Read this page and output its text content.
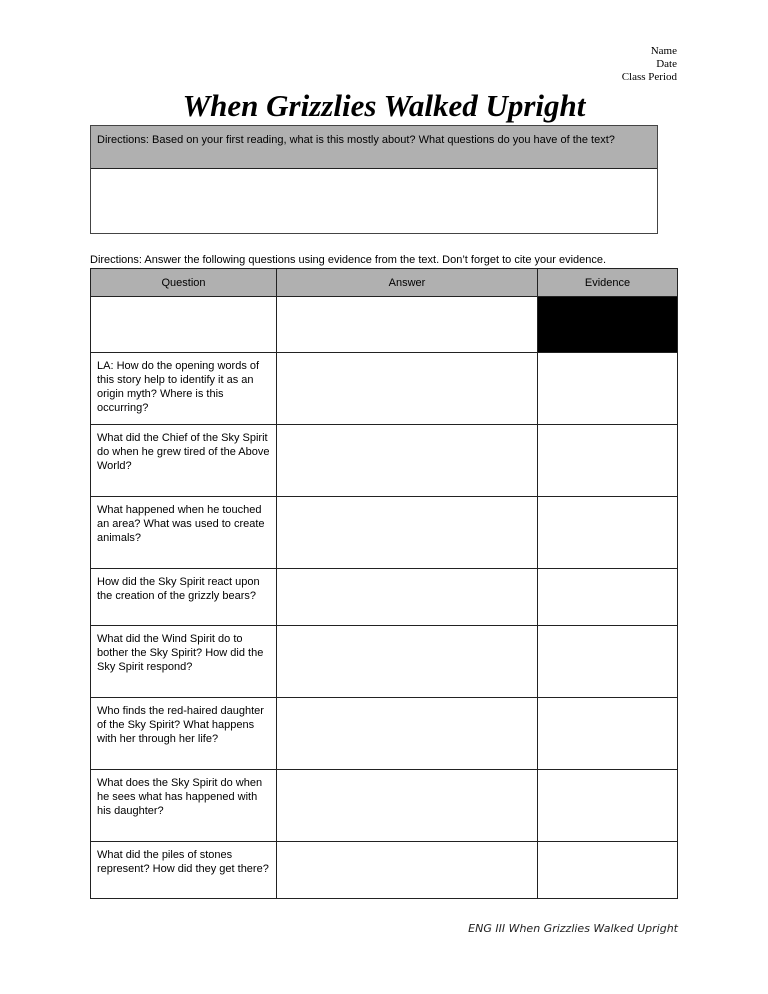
Name
Date
Class Period
When Grizzlies Walked Upright
Directions: Based on your first reading, what is this mostly about? What questions do you have of the text?
Directions: Answer the following questions using evidence from the text. Don’t forget to cite your evidence.
Question	Answer	Evidence

LA: How do the opening words of this story help to identify it as an origin myth? Where is this occurring?		
What did the Chief of the Sky Spirit do when he grew tired of the Above World?		
What happened when he touched an area? What was used to create animals?		
How did the Sky Spirit react upon the creation of the grizzly bears?		
What did the Wind Spirit do to bother the Sky Spirit? How did the Sky Spirit respond?		
Who finds the red-haired daughter of the Sky Spirit? What happens with her through her life?		
What does the Sky Spirit do when he sees what has happened with his daughter?		
What did the piles of stones represent? How did they get there?		
ENG III When Grizzlies Walked Upright
